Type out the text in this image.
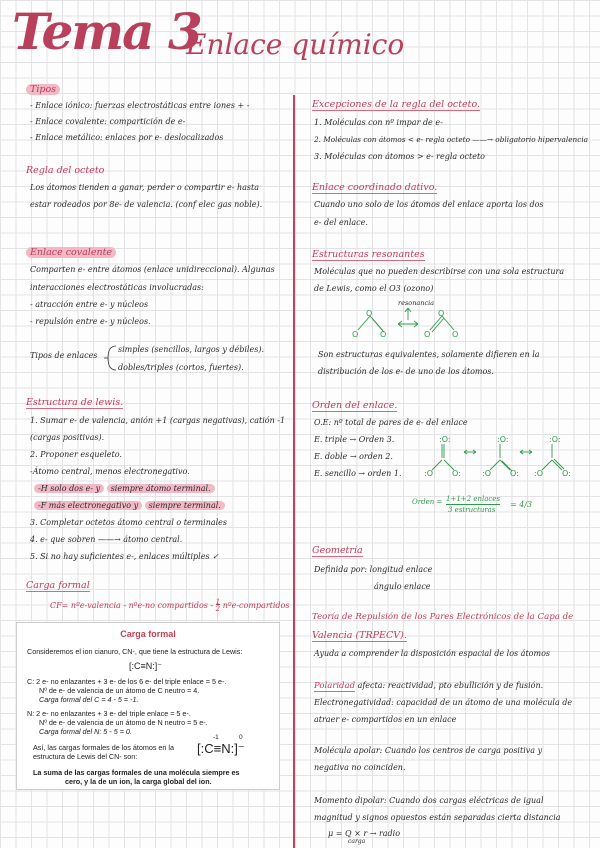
Tema 3
Enlace químico
Tipos
- Enlace iónico: fuerzas electrostáticas entre iones + -
- Enlace covalente: compartición de e-
- Enlace metálico: enlaces por e- deslocalizados
Regla del octeto
Los átomos tienden a ganar, perder o compartir e- hasta
estar rodeados por 8e- de valencia. (conf elec gas noble).
Enlace covalente
Comparten e- entre átomos (enlace unidireccional). Algunas
interacciones electrostáticas involucradas:
- atracción entre e- y núcleos
- repulsión entre e- y núcleos.
Tipos de enlaces
simples (sencillos, largos y débiles).
dobles/triples (cortos, fuertes).
Estructura de lewis.
1. Sumar e- de valencia, anión +1 (cargas negativas), catión -1
(cargas positivas).
2. Proponer esqueleto.
-Átomo central, menos electronegativo.
-H solo dos e- y siempre átomo terminal.
-F más electronegativo y siempre terminal.
3. Completar octetos átomo central o terminales
4. e- que sobren ——→ átomo central.
5. Si no hay suficientes e-, enlaces múltiples ✓
Carga formal
CF= nºe-valencia - nºe-no compartidos - $\frac{1}{2}$ nºe-compartidos
Carga formal
Consideremos el ion cianuro, CN-, que tiene la estructura de Lewis:
[:C≡N:]⁻
C: 2 e- no enlazantes + 3 e- de los 6 e- del triple enlace = 5 e-.
Nº de e- de valencia de un átomo de C neutro = 4.
Carga formal del C = 4 - 5 = -1.
N: 2 e- no enlazantes + 3 e- del triple enlace = 5 e-.
Nº de e- de valencia de un átomo de N neutro = 5 e-.
Carga formal del N: 5 - 5 = 0.
Así, las cargas formales de los átomos en la
estructura de Lewis del CN- son:
-1	0
[:C≡N:]⁻
La suma de las cargas formales de una molécula siempre es
cero, y la de un ion, la carga global del ion.
Excepciones de la regla del octeto.
1. Moléculas con nº impar de e-
2. Moléculas con átomos < e- regla octeto ——→ obligatorio hipervalencia
3. Moléculas con átomos > e- regla octeto
Enlace coordinado dativo.
Cuando uno solo de los átomos del enlace aporta los dos
e- del enlace.
Estructuras resonantes
Moléculas que no pueden describirse con una sola estructura
de Lewis, como el O3 (ozono)
resonancia
O
O
O	O
O
O
Son estructuras equivalentes, solamente difieren en la
distribución de los e- de uno de los átomos.
Orden del enlace.
O.E: nº total de pares de e- del enlace
E. triple → Orden 3.
E. doble → orden 2.
E. sencillo → orden 1.
:O:
:O O:
:O:
:O O:
:O:
:O O:
Orden = 1+1+2 enlaces
3 estructuras
= 4/3
Geometría
Definida por: longitud enlace
ángulo enlace
Teoría de Repulsión de los Pares Electrónicos de la Capa de
Valencia (TRPECV).
Ayuda a comprender la disposición espacial de los átomos
Polaridad afecta: reactividad, pto ebullición y de fusión.
Electronegatividad: capacidad de un átomo de una molécula de
atraer e- compartidos en un enlace
Molécula apolar: Cuando los centros de carga positiva y
negativa no coinciden.
Momento dipolar: Cuando dos cargas eléctricas de igual
magnitud y signos opuestos están separadas cierta distancia
μ = Q × r → radio
carga
